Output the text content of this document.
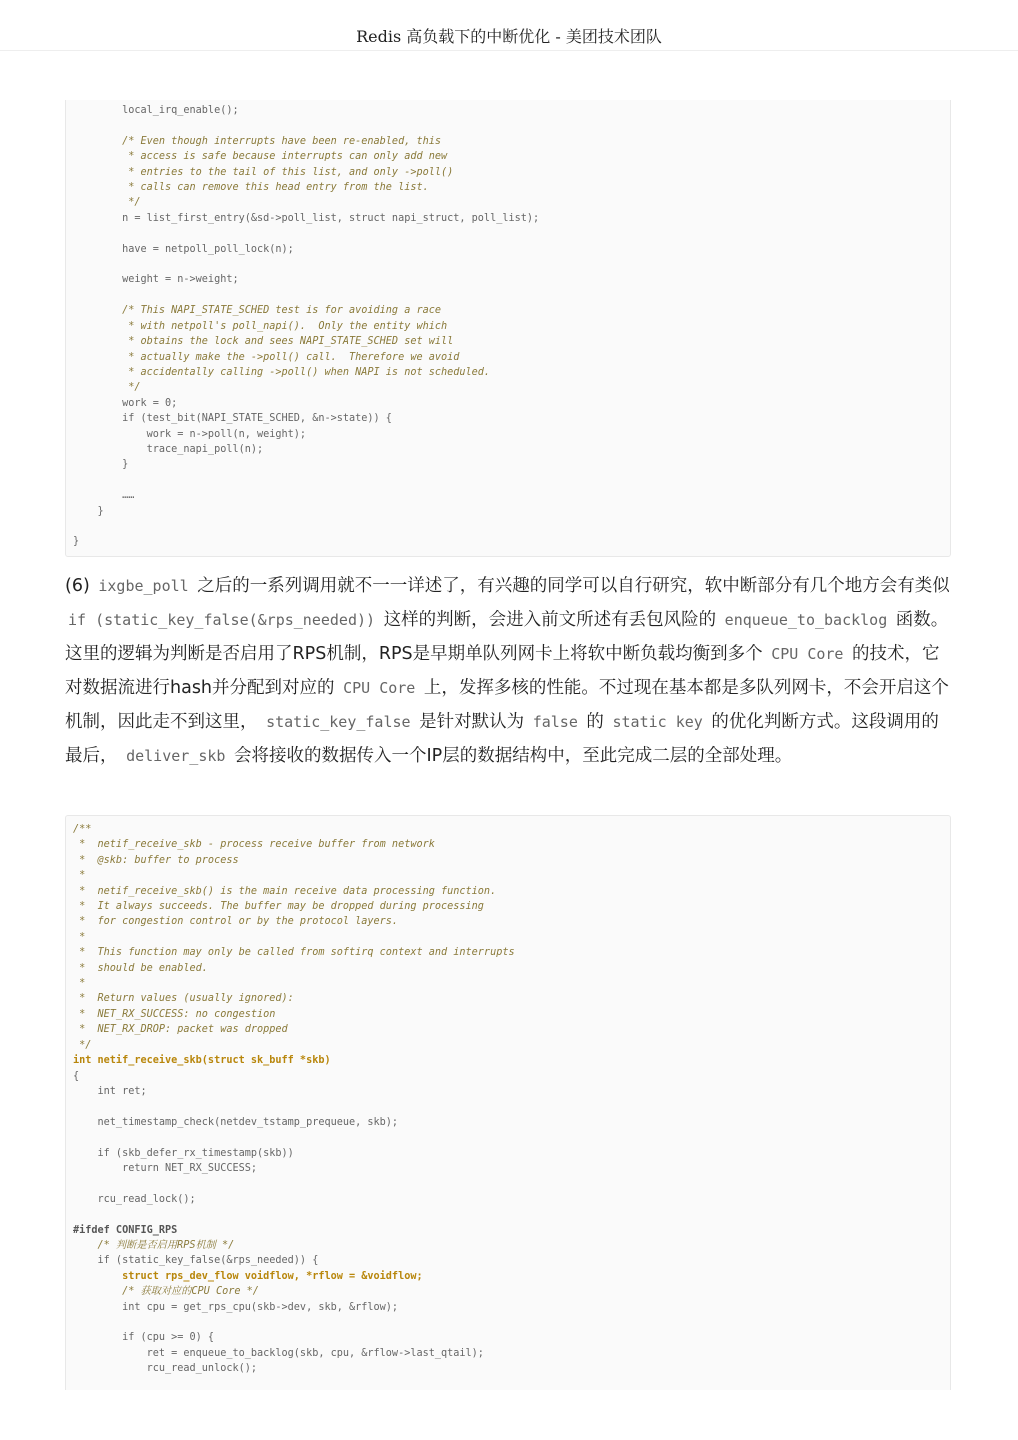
Redis 高负载下的中断优化 - 美团技术团队
local_irq_enable();

/* Even though interrupts have been re-enabled, this
* access is safe because interrupts can only add new
* entries to the tail of this list, and only ->poll()
* calls can remove this head entry from the list.
*/
n = list_first_entry(&sd->poll_list, struct napi_struct, poll_list);

have = netpoll_poll_lock(n);

weight = n->weight;

/* This NAPI_STATE_SCHED test is for avoiding a race
* with netpoll's poll_napi().  Only the entity which
* obtains the lock and sees NAPI_STATE_SCHED set will
* actually make the ->poll() call.  Therefore we avoid
* accidentally calling ->poll() when NAPI is not scheduled.
*/
work = 0;
if (test_bit(NAPI_STATE_SCHED, &n->state)) {
work = n->poll(n, weight);
trace_napi_poll(n);
}

……
}

}

(6) ixgbe_poll 之后的一系列调用就不一一详述了，有兴趣的同学可以自行研究，软中断部分有几个地方会有类似 if (static_key_false(&rps_needed)) 这样的判断，会进入前文所述有丢包风险的 enqueue_to_backlog 函数。 这里的逻辑为判断是否启用了RPS机制，RPS是早期单队列网卡上将软中断负载均衡到多个 CPU Core 的技术，它对数据流进行hash并分配到对应的 CPU Core 上，发挥多核的性能。不过现在基本都是多队列网卡，不会开启这个机制，因此走不到这里， static_key_false 是针对默认为 false 的 static key 的优化判断方式。这段调用的最后， deliver_skb 会将接收的数据传入一个IP层的数据结构中，至此完成二层的全部处理。

/**
*  netif_receive_skb - process receive buffer from network
*  @skb: buffer to process
*
*  netif_receive_skb() is the main receive data processing function.
*  It always succeeds. The buffer may be dropped during processing
*  for congestion control or by the protocol layers.
*
*  This function may only be called from softirq context and interrupts
*  should be enabled.
*
*  Return values (usually ignored):
*  NET_RX_SUCCESS: no congestion
*  NET_RX_DROP: packet was dropped
*/
int netif_receive_skb(struct sk_buff *skb)
{
int ret;

net_timestamp_check(netdev_tstamp_prequeue, skb);

if (skb_defer_rx_timestamp(skb))
return NET_RX_SUCCESS;

rcu_read_lock();

#ifdef CONFIG_RPS
/* 判断是否启用RPS机制 */
if (static_key_false(&rps_needed)) {
struct rps_dev_flow voidflow, *rflow = &voidflow;
/* 获取对应的CPU Core */
int cpu = get_rps_cpu(skb->dev, skb, &rflow);

if (cpu >= 0) {
ret = enqueue_to_backlog(skb, cpu, &rflow->last_qtail);
rcu_read_unlock();
